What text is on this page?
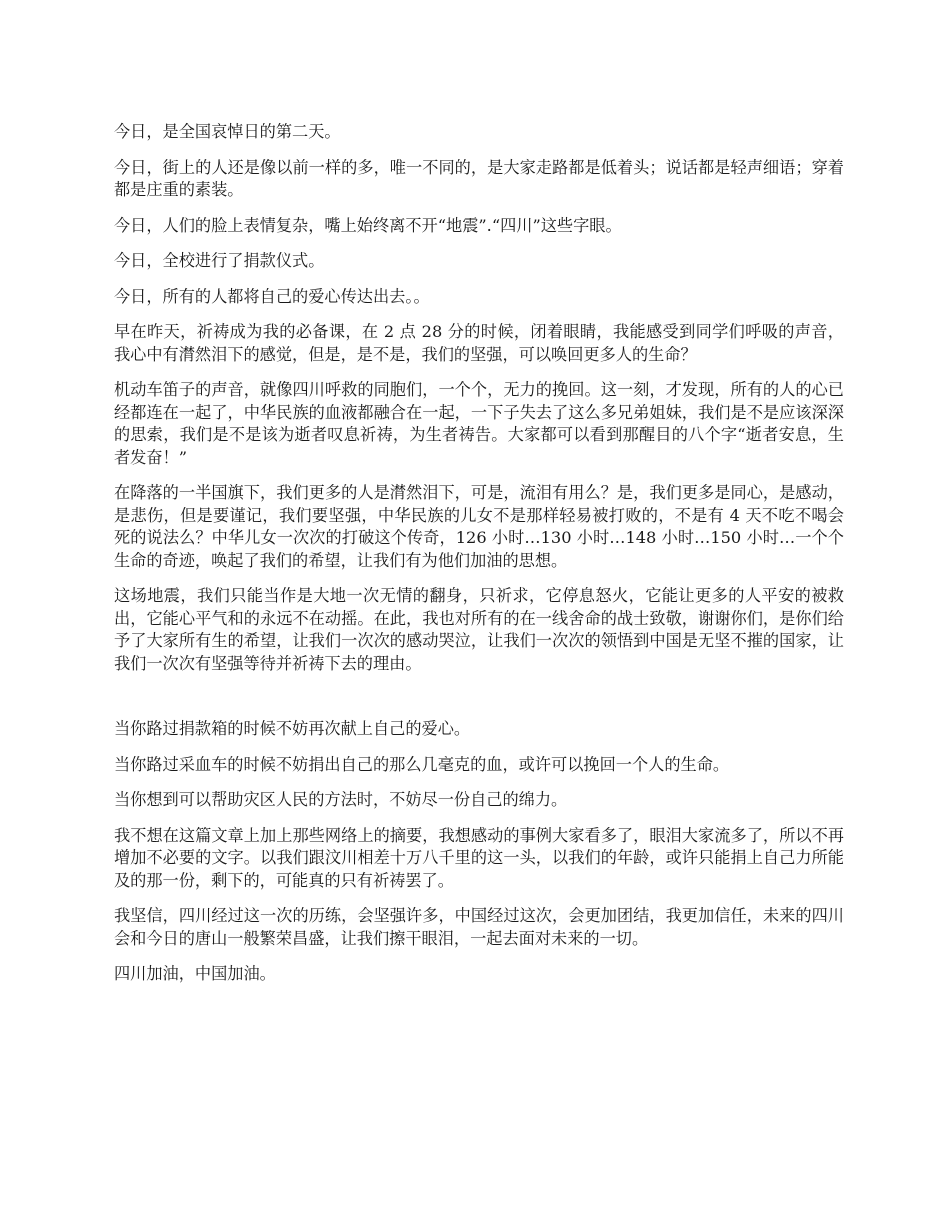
今日，是全国哀悼日的第二天。

今日，街上的人还是像以前一样的多，唯一不同的，是大家走路都是低着头；说话都是轻声细语；穿着都是庄重的素装。

今日，人们的脸上表情复杂，嘴上始终离不开“地震”.“四川”这些字眼。

今日，全校进行了捐款仪式。

今日，所有的人都将自己的爱心传达出去。。

早在昨天，祈祷成为我的必备课，在 2 点 28 分的时候，闭着眼睛，我能感受到同学们呼吸的声音，我心中有潸然泪下的感觉，但是，是不是，我们的坚强，可以唤回更多人的生命？

机动车笛子的声音，就像四川呼救的同胞们，一个个，无力的挽回。这一刻，才发现，所有的人的心已经都连在一起了，中华民族的血液都融合在一起，一下子失去了这么多兄弟姐妹，我们是不是应该深深的思索，我们是不是该为逝者叹息祈祷，为生者祷告。大家都可以看到那醒目的八个字“逝者安息，生者发奋！”

在降落的一半国旗下，我们更多的人是潸然泪下，可是，流泪有用么？是，我们更多是同心，是感动，是悲伤，但是要谨记，我们要坚强，中华民族的儿女不是那样轻易被打败的，不是有 4 天不吃不喝会死的说法么？中华儿女一次次的打破这个传奇，126 小时…130 小时…148 小时…150 小时…一个个生命的奇迹，唤起了我们的希望，让我们有为他们加油的思想。

这场地震，我们只能当作是大地一次无情的翻身，只祈求，它停息怒火，它能让更多的人平安的被救出，它能心平气和的永远不在动摇。在此，我也对所有的在一线舍命的战士致敬，谢谢你们，是你们给予了大家所有生的希望，让我们一次次的感动哭泣，让我们一次次的领悟到中国是无坚不摧的国家，让我们一次次有坚强等待并祈祷下去的理由。

当你路过捐款箱的时候不妨再次献上自己的爱心。

当你路过采血车的时候不妨捐出自己的那么几毫克的血，或许可以挽回一个人的生命。

当你想到可以帮助灾区人民的方法时，不妨尽一份自己的绵力。

我不想在这篇文章上加上那些网络上的摘要，我想感动的事例大家看多了，眼泪大家流多了，所以不再增加不必要的文字。以我们跟汶川相差十万八千里的这一头，以我们的年龄，或许只能捐上自己力所能及的那一份，剩下的，可能真的只有祈祷罢了。

我坚信，四川经过这一次的历练，会坚强许多，中国经过这次，会更加团结，我更加信任，未来的四川会和今日的唐山一般繁荣昌盛，让我们擦干眼泪，一起去面对未来的一切。

四川加油，中国加油。
